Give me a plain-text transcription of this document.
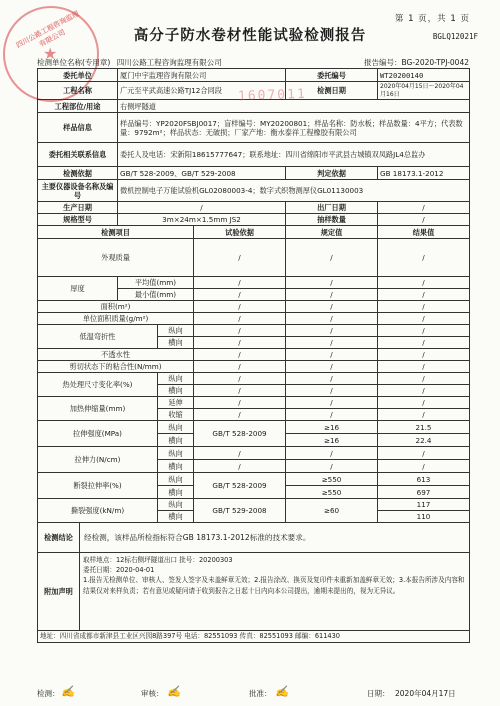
四川公路工程咨询监理有限公司
★
第 1 页，共 1 页
高分子防水卷材性能试验检测报告	BGLQ12021F
检测单位名称(专用章) 四川公路工程咨询监理有限公司	报告编号：BG-2020-TPJ-0042
委托单位		厦门中宇监理咨询有限公司			委托编号	WT20200140
工程名称		广元至平武高速公路TJ12合同段			检测日期	2020年04月15日～2020年04月16日
工程部位/用途		右侧坪隧道				
样品信息		样品编号：YP2020FSBJ0017；盲样编号：MY20200801；样品名称：防水板；样品数量：4平方；代表数量：9792m²；样品状态：无破损；厂家产地：衡水泰祥工程橡胶有限公司				
委托相关联系信息		委托人及电话：宋新阳18615777647；联系地址：四川省绵阳市平武县古城镇双凤路JL4总监办				
检测依据		GB/T 528-2009、GB/T 529-2008			判定依据	GB 18173.1-2012
主要仪器设备名称及编号		微机控制电子万能试验机GL02080003-4；数字式织物测厚仪GL01130003				
生产日期		/			出厂日期	/
规格型号		3m×24m×1.5mm JS2			抽样数量	/
检测项目				试验依据	规定值	结果值
外观质量				/	/	/
厚度		平均值(mm)		/	/	/
		最小值(mm)		/	/	/
面积(m²)				/	/	/
单位面积质量(g/m²)				/	/	/
低温弯折性			纵向	/	/	/
			横向	/	/	/
不透水性				/	/	/
剪切状态下的粘合性(N/mm)				/	/	/
热处理尺寸变化率(%)			纵向	/	/	/
			横向	/	/	/
加热伸缩量(mm)			延伸	/	/	/
			收缩	/	/	/
拉伸强度(MPa)			纵向	GB/T 528-2009	≥16	21.5
			横向		≥16	22.4
拉伸力(N/cm)			纵向	/	/	/
			横向	/	/	/
断裂拉伸率(%)			纵向	GB/T 528-2009	≥550	613
			横向		≥550	697
撕裂强度(kN/m)			纵向	GB/T 529-2008	≥60	117
			横向			110
检测结论	经检测，该样品所检指标符合GB 18173.1-2012标准的技术要求。					
附加声明	取样地点：12标右侧坪隧道出口 批号：20200303
委托日期：2020-04-01
1.报告无检测单位、审核人、签发人签字及未盖鲜章无效；2.报告涂改、换页及复印件未重新加盖鲜章无效；3.本报告所涉及内容和结果仅对来样负责；若有意见或疑问请于收到报告之日起十日内向本公司提出，逾期未提出的，视为无异议。					

地址：四川省成都市新津县工业区兴园8路397号 电话：82551093 传真：82551093 邮编：611430						
1607011
检测： ✍	审核： ✍	批准： ✍	日期： 2020年04月17日
